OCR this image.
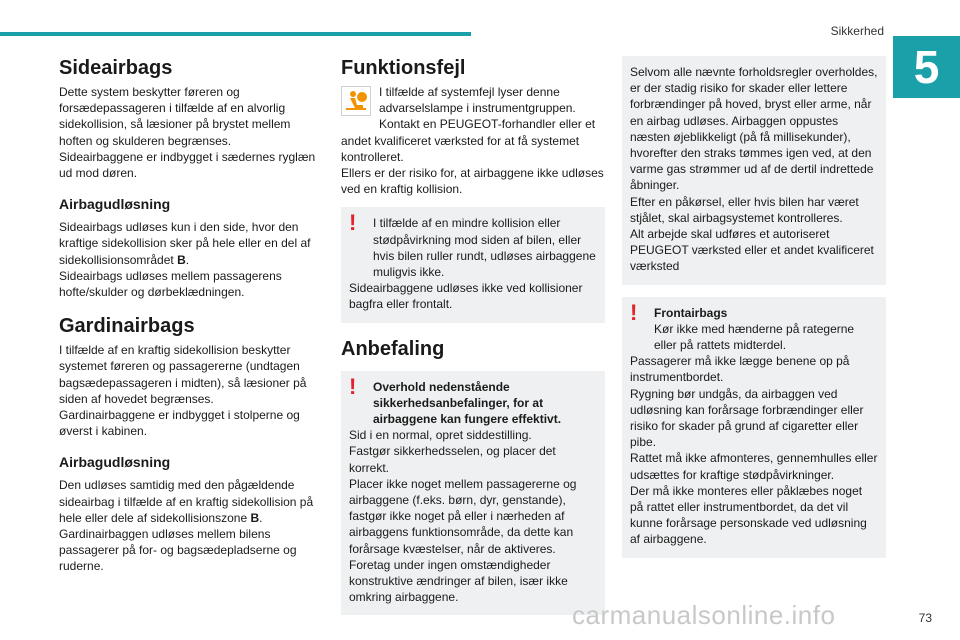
Sikkerhed
5
Sideairbags

Dette system beskytter føreren og forsædepassageren i tilfælde af en alvorlig sidekollision, så læsioner på brystet mellem hoften og skulderen begrænses.

Sideairbaggene er indbygget i sædernes ryglæn ud mod døren.

Airbagudløsning

Sideairbags udløses kun i den side, hvor den kraftige sidekollision sker på hele eller en del af sidekollisionsområdet B.

Sideairbags udløses mellem passagerens hofte/skulder og dørbeklædningen.

Gardinairbags

I tilfælde af en kraftig sidekollision beskytter systemet føreren og passagererne (undtagen bagsædepassageren i midten), så læsioner på siden af hovedet begrænses.

Gardinairbaggene er indbygget i stolperne og øverst i kabinen.

Airbagudløsning

Den udløses samtidig med den pågældende sideairbag i tilfælde af en kraftig sidekollision på hele eller dele af sidekollisionszone B.

Gardinairbaggen udløses mellem bilens passagerer på for- og bagsædepladserne og ruderne.

Funktionsfejl

I tilfælde af systemfejl lyser denne advarselslampe i instrumentgruppen.

Kontakt en PEUGEOT-forhandler eller et andet kvalificeret værksted for at få systemet kontrolleret.

Ellers er der risiko for, at airbaggene ikke udløses ved en kraftig kollision.

!	I tilfælde af en mindre kollision eller stødpåvirkning mod siden af bilen, eller hvis bilen ruller rundt, udløses airbaggene muligvis ikke.

Sideairbaggene udløses ikke ved kollisioner bagfra eller frontalt.

Anbefaling
!	Overhold nedenstående sikkerhedsanbefalinger, for at airbaggene kan fungere effektivt.

Sid i en normal, opret siddestilling.

Fastgør sikkerhedsselen, og placer det korrekt.

Placer ikke noget mellem passagererne og airbaggene (f.eks. børn, dyr, genstande), fastgør ikke noget på eller i nærheden af airbaggens funktionsområde, da dette kan forårsage kvæstelser, når de aktiveres.

Foretag under ingen omstændigheder konstruktive ændringer af bilen, især ikke omkring airbaggene.

Selvom alle nævnte forholdsregler overholdes, er der stadig risiko for skader eller lettere forbrændinger på hoved, bryst eller arme, når en airbag udløses. Airbaggen oppustes næsten øjeblikkeligt (på få millisekunder), hvorefter den straks tømmes igen ved, at den varme gas strømmer ud af de dertil indrettede åbninger.

Efter en påkørsel, eller hvis bilen har været stjålet, skal airbagsystemet kontrolleres.

Alt arbejde skal udføres et autoriseret PEUGEOT værksted eller et andet kvalificeret værksted

!	Frontairbags

Kør ikke med hænderne på rategerne eller på rattets midterdel.

Passagerer må ikke lægge benene op på instrumentbordet.

Rygning bør undgås, da airbaggen ved udløsning kan forårsage forbrændinger eller risiko for skader på grund af cigaretter eller pibe.

Rattet må ikke afmonteres, gennemhulles eller udsættes for kraftige stødpåvirkninger.

Der må ikke monteres eller påklæbes noget på rattet eller instrumentbordet, da det vil kunne forårsage personskade ved udløsning af airbaggene.

carmanualsonline.info	73
